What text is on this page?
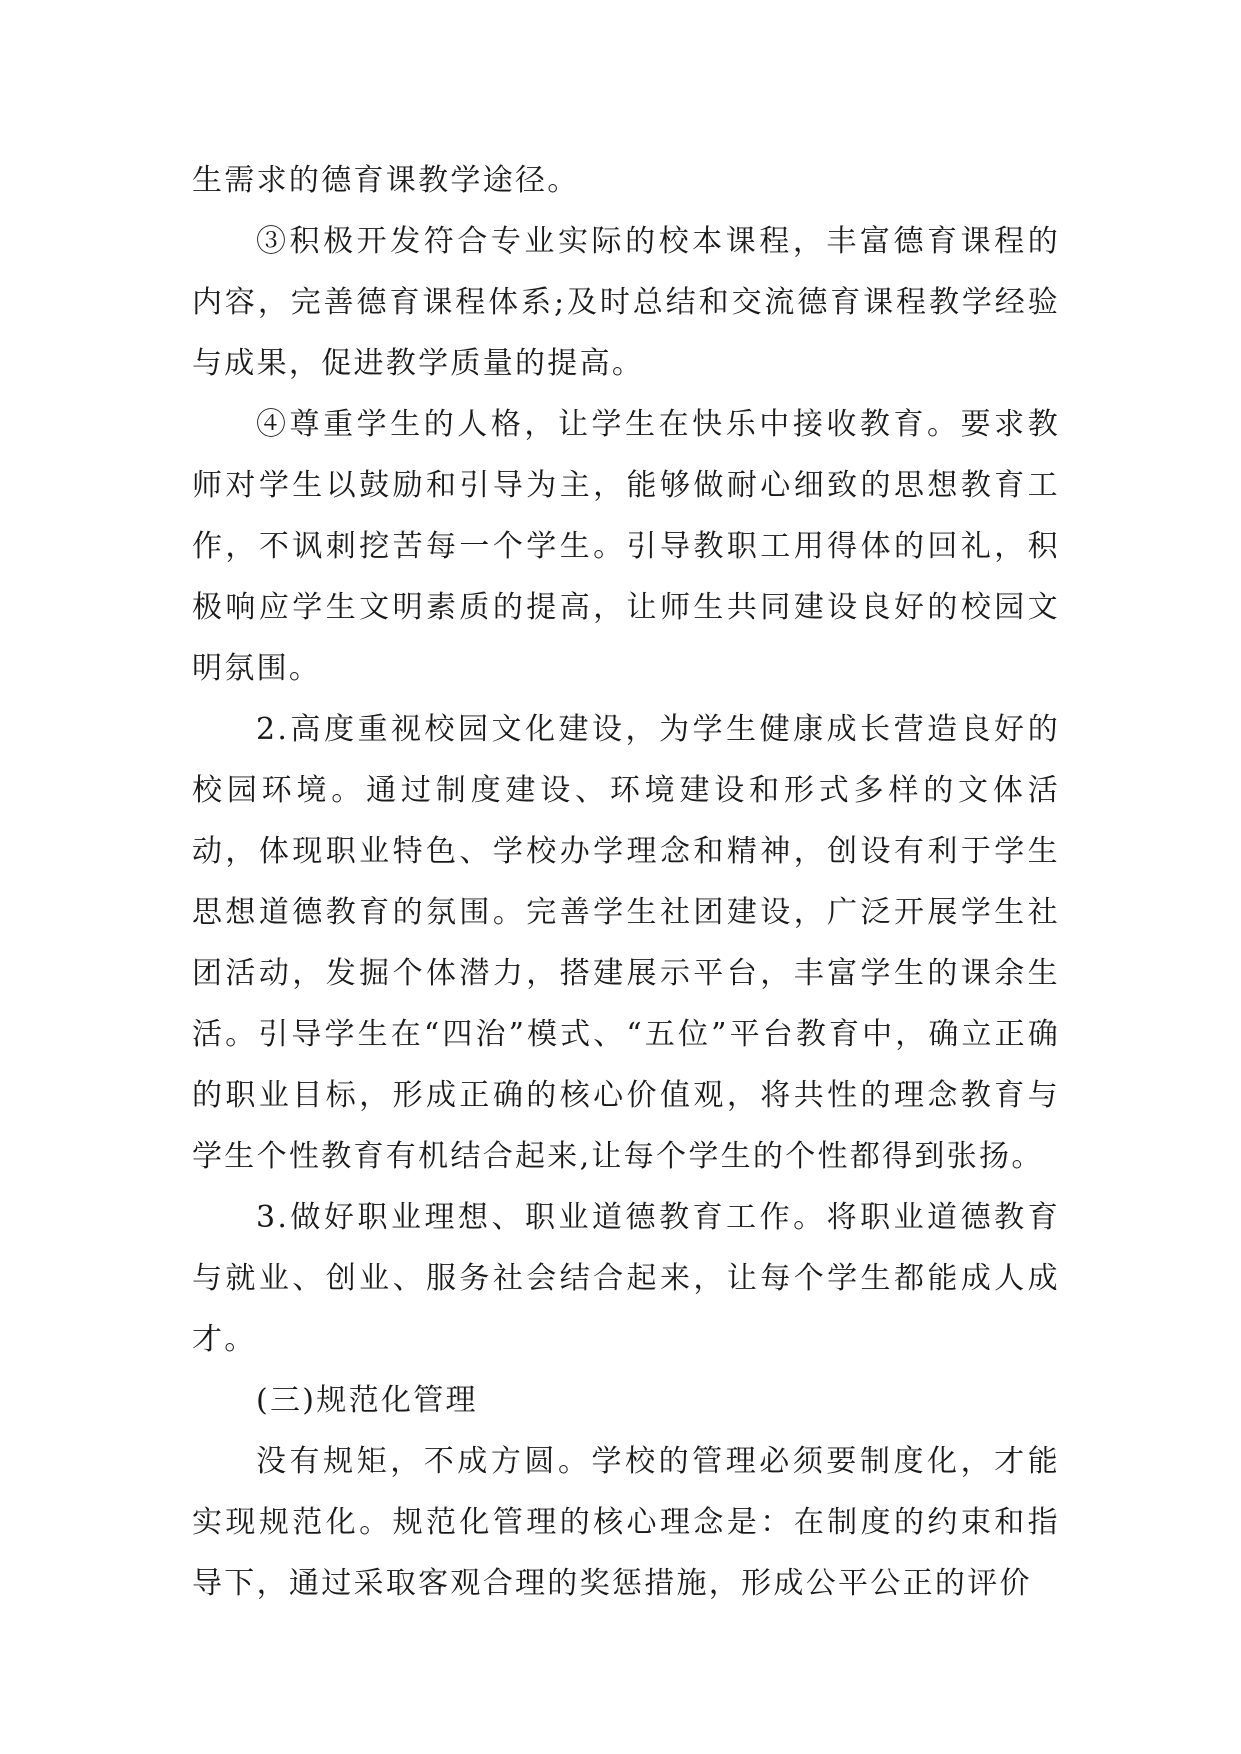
生需求的德育课教学途径。

③积极开发符合专业实际的校本课程，丰富德育课程的内容，完善德育课程体系;及时总结和交流德育课程教学经验与成果，促进教学质量的提高。

④尊重学生的人格，让学生在快乐中接收教育。要求教师对学生以鼓励和引导为主，能够做耐心细致的思想教育工作，不讽刺挖苦每一个学生。引导教职工用得体的回礼，积极响应学生文明素质的提高，让师生共同建设良好的校园文明氛围。

2.高度重视校园文化建设，为学生健康成长营造良好的校园环境。通过制度建设、环境建设和形式多样的文体活动，体现职业特色、学校办学理念和精神，创设有利于学生思想道德教育的氛围。完善学生社团建设，广泛开展学生社团活动，发掘个体潜力，搭建展示平台，丰富学生的课余生活。引导学生在“四治”模式、“五位”平台教育中，确立正确的职业目标，形成正确的核心价值观，将共性的理念教育与学生个性教育有机结合起来,让每个学生的个性都得到张扬。

3.做好职业理想、职业道德教育工作。将职业道德教育与就业、创业、服务社会结合起来，让每个学生都能成人成才。

(三)规范化管理

没有规矩，不成方圆。学校的管理必须要制度化，才能实现规范化。规范化管理的核心理念是：在制度的约束和指导下，通过采取客观合理的奖惩措施，形成公平公正的评价
